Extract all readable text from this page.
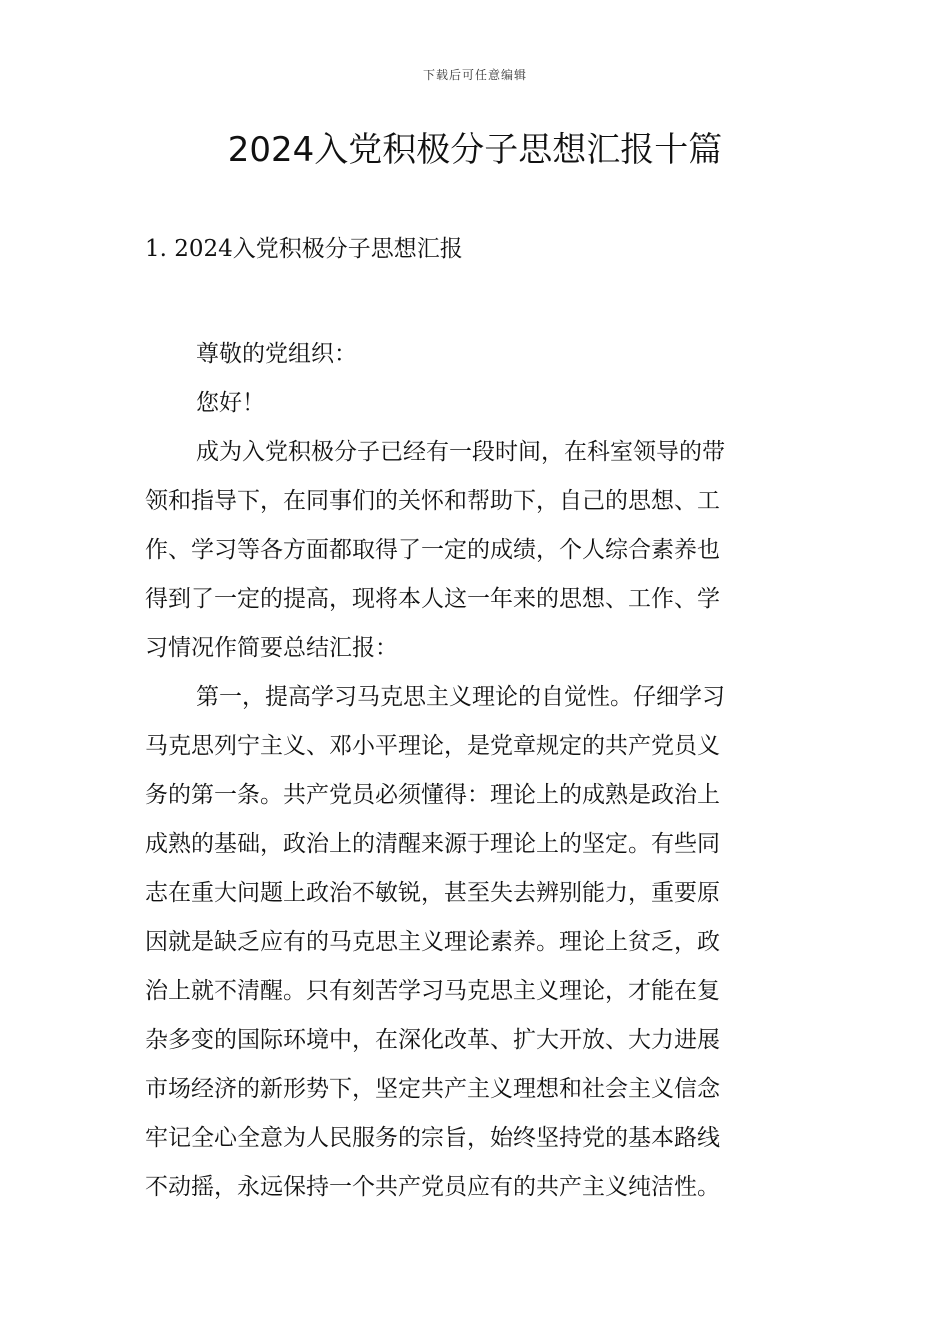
下载后可任意编辑
2024入党积极分子思想汇报十篇
1. 2024入党积极分子思想汇报
尊敬的党组织：
您好！
成为入党积极分子已经有一段时间，在科室领导的带
领和指导下，在同事们的关怀和帮助下，自己的思想、工
作、学习等各方面都取得了一定的成绩，个人综合素养也
得到了一定的提高，现将本人这一年来的思想、工作、学
习情况作简要总结汇报：
第一，提高学习马克思主义理论的自觉性。仔细学习
马克思列宁主义、邓小平理论，是党章规定的共产党员义
务的第一条。共产党员必须懂得：理论上的成熟是政治上
成熟的基础，政治上的清醒来源于理论上的坚定。有些同
志在重大问题上政治不敏锐，甚至失去辨别能力，重要原
因就是缺乏应有的马克思主义理论素养。理论上贫乏，政
治上就不清醒。只有刻苦学习马克思主义理论，才能在复
杂多变的国际环境中，在深化改革、扩大开放、大力进展
市场经济的新形势下，坚定共产主义理想和社会主义信念
牢记全心全意为人民服务的宗旨，始终坚持党的基本路线
不动摇，永远保持一个共产党员应有的共产主义纯洁性。
